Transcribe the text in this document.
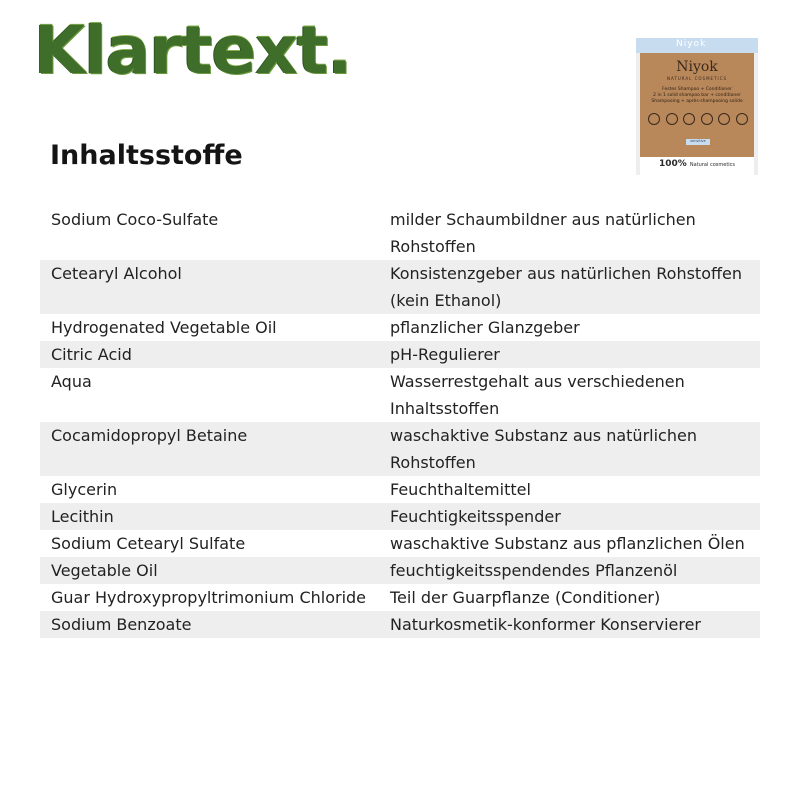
Klartext.
Inhaltsstoffe
Niyok
Niyok
NATURAL COSMETICS
Festes Shampoo + Conditioner
2 in 1 solid shampoo bar + conditioner
Shampooing + après-shampooing solide
sensitive
100% Natural cosmetics
Sodium Coco-Sulfate	milder Schaumbildner aus natürlichen Rohstoffen
Cetearyl Alcohol	Konsistenzgeber aus natürlichen Rohstoffen (kein Ethanol)
Hydrogenated Vegetable Oil	pflanzlicher Glanzgeber
Citric Acid	pH-Regulierer
Aqua	Wasserrestgehalt aus verschiedenen Inhaltsstoffen
Cocamidopropyl Betaine	waschaktive Substanz aus natürlichen Rohstoffen
Glycerin	Feuchthaltemittel
Lecithin	Feuchtigkeitsspender
Sodium Cetearyl Sulfate	waschaktive Substanz aus pflanzlichen Ölen
Vegetable Oil	feuchtigkeitsspendendes Pflanzenöl
Guar Hydroxypropyltrimonium Chloride	Teil der Guarpflanze (Conditioner)
Sodium Benzoate	Naturkosmetik-konformer Konservierer
